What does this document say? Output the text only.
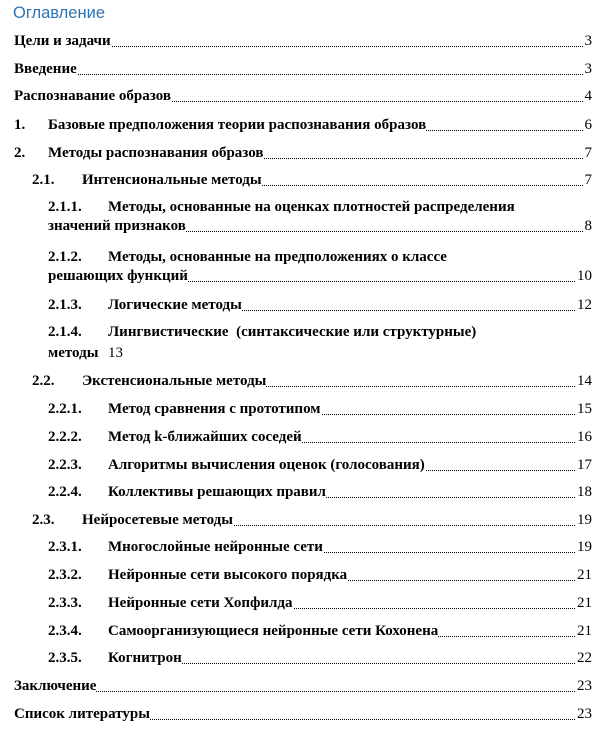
Оглавление
Цели и задачи	3
Введение	3
Распознавание образов	4
1. Базовые предположения теории распознавания образов	6
2. Методы распознавания образов	7
2.1. Интенсиональные методы	7
2.1.1. Методы, основанные на оценках плотностей распределения
значений признаков	8
2.1.2. Методы, основанные на предположениях о классе
решающих функций	10
2.1.3. Логические методы	12
2.1.4. Лингвистические  (синтаксические или структурные)
методы 13
2.2. Экстенсиональные методы	14
2.2.1. Метод сравнения с прототипом	15
2.2.2. Метод k-ближайших соседей	16
2.2.3. Алгоритмы вычисления оценок (голосования)	17
2.2.4. Коллективы решающих правил	18
2.3. Нейросетевые методы	19
2.3.1. Многослойные нейронные сети	19
2.3.2. Нейронные сети высокого порядка	21
2.3.3. Нейронные сети Хопфилда	21
2.3.4. Самоорганизующиеся нейронные сети Кохонена	21
2.3.5. Когнитрон	22
Заключение	23
Список литературы	23
